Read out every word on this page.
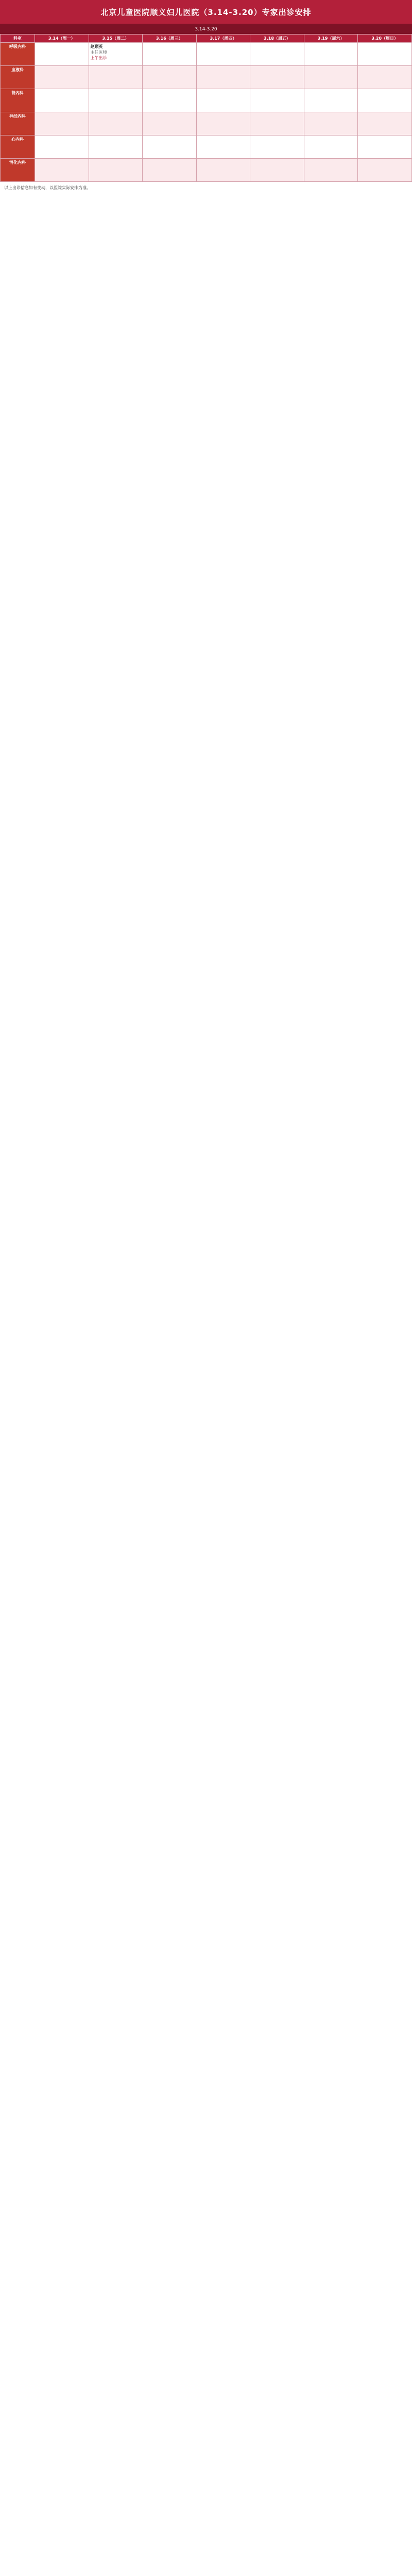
北京儿童医院顺义妇儿医院（3.14-3.20）专家出诊安排
3.14-3.20
科室	3.14（周一）	3.15（周二）	3.16（周三）	3.17（周四）	3.18（周五）	3.19（周六）	3.20（周日）
呼吸内科		赵顺英
主任医师
上午出诊					

血液科	

肾内科	

神经内科	

心内科	

消化内科	

以上出诊信息如有变动，以医院实际安排为准。
